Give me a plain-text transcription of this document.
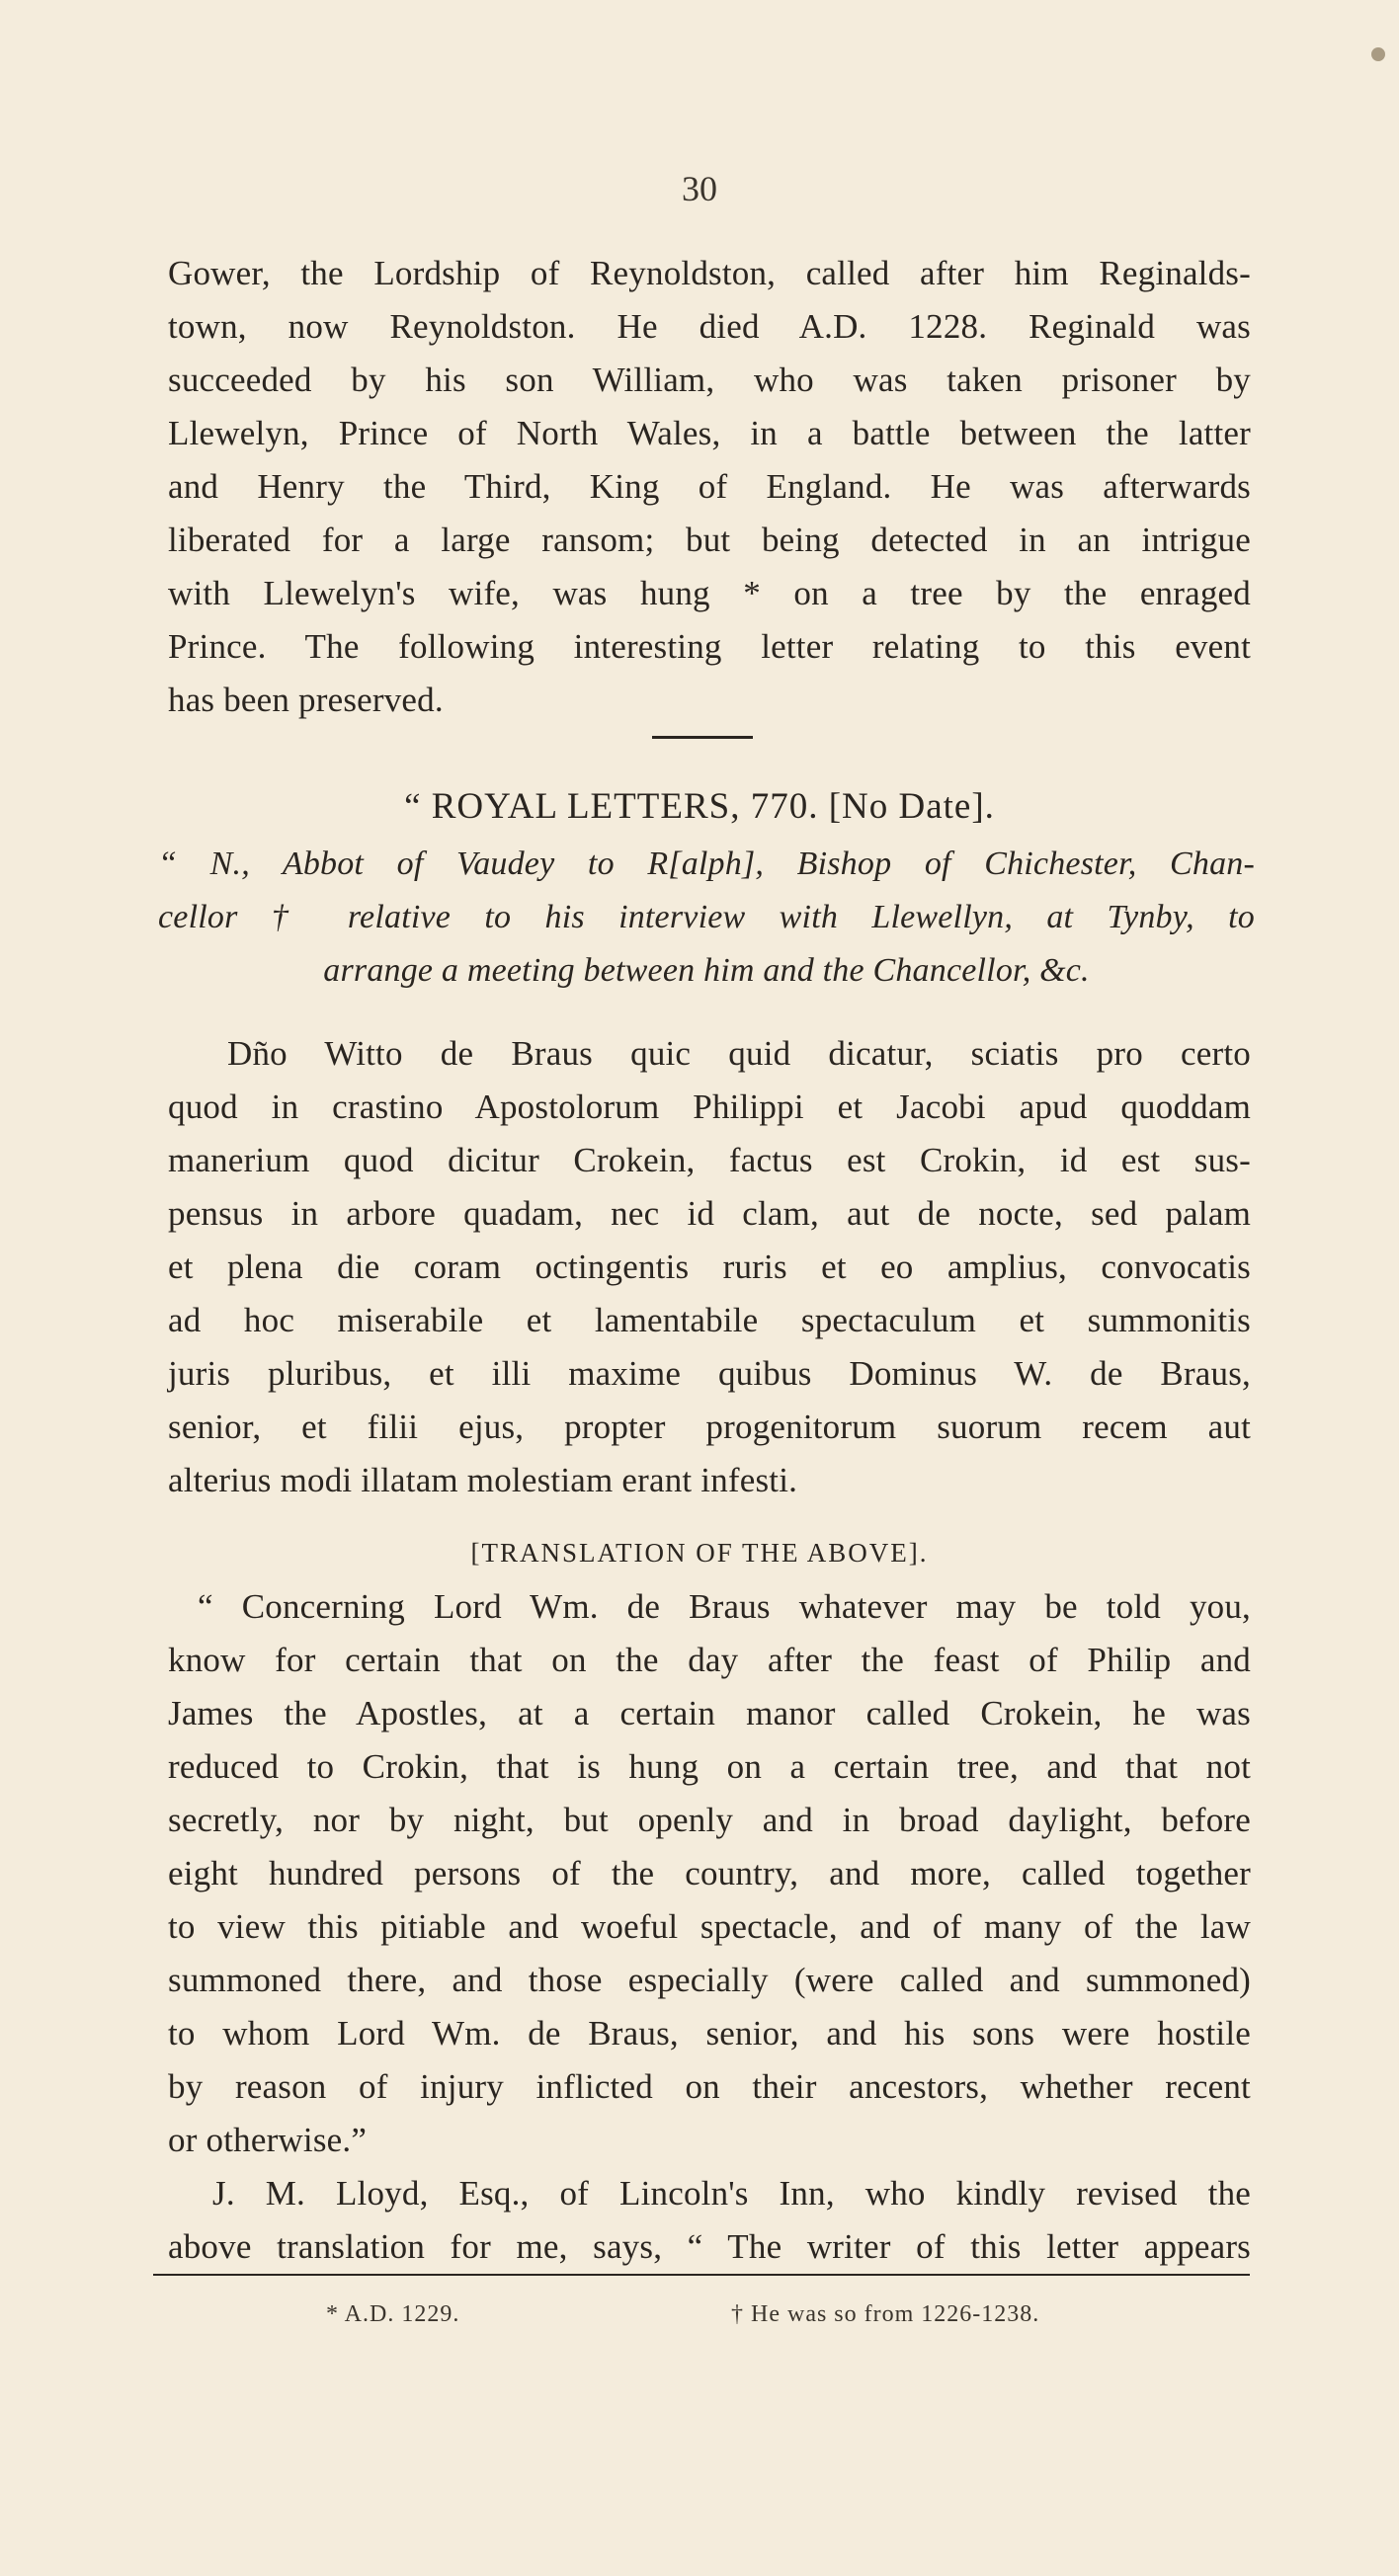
30
Gower, the Lordship of Reynoldston, called after him Reginalds-
town, now Reynoldston. He died A.D. 1228. Reginald was
succeeded by his son William, who was taken prisoner by
Llewelyn, Prince of North Wales, in a battle between the latter
and Henry the Third, King of England. He was afterwards
liberated for a large ransom; but being detected in an intrigue
with Llewelyn's wife, was hung * on a tree by the enraged
Prince. The following interesting letter relating to this event
has been preserved.
“ ROYAL LETTERS, 770. [No Date].
“ N., Abbot of Vaudey to R[alph], Bishop of Chichester, Chan-
cellor † relative to his interview with Llewellyn, at Tynby, to
arrange a meeting between him and the Chancellor, &c.
Dño Witto de Braus quic quid dicatur, sciatis pro certo
quod in crastino Apostolorum Philippi et Jacobi apud quoddam
manerium quod dicitur Crokein, factus est Crokin, id est sus-
pensus in arbore quadam, nec id clam, aut de nocte, sed palam
et plena die coram octingentis ruris et eo amplius, convocatis
ad hoc miserabile et lamentabile spectaculum et summonitis
juris pluribus, et illi maxime quibus Dominus W. de Braus,
senior, et filii ejus, propter progenitorum suorum recem aut
alterius modi illatam molestiam erant infesti.
[TRANSLATION OF THE ABOVE].
“ Concerning Lord Wm. de Braus whatever may be told you,
know for certain that on the day after the feast of Philip and
James the Apostles, at a certain manor called Crokein, he was
reduced to Crokin, that is hung on a certain tree, and that not
secretly, nor by night, but openly and in broad daylight, before
eight hundred persons of the country, and more, called together
to view this pitiable and woeful spectacle, and of many of the law
summoned there, and those especially (were called and summoned)
to whom Lord Wm. de Braus, senior, and his sons were hostile
by reason of injury inflicted on their ancestors, whether recent
or otherwise.”
J. M. Lloyd, Esq., of Lincoln's Inn, who kindly revised the
above translation for me, says, “ The writer of this letter appears
* A.D. 1229.	† He was so from 1226-1238.
